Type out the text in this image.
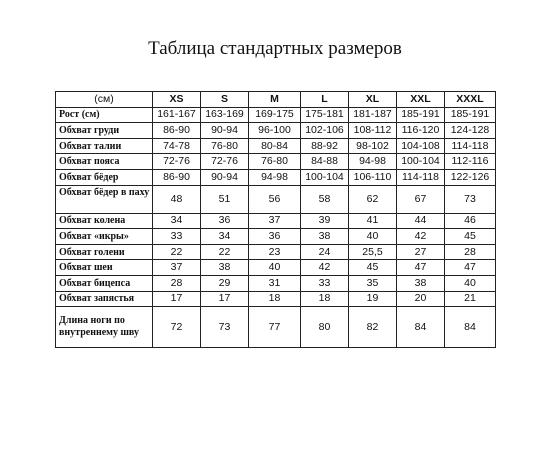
Таблица стандартных размеров
(см)	XS	S	M	L	XL	XXL	XXXL
Рост (см)	161-167	163-169	169-175	175-181	181-187	185-191	185-191
Обхват груди	86-90	90-94	96-100	102-106	108-112	116-120	124-128
Обхват талии	74-78	76-80	80-84	88-92	98-102	104-108	114-118
Обхват пояса	72-76	72-76	76-80	84-88	94-98	100-104	112-116
Обхват бёдер	86-90	90-94	94-98	100-104	106-110	114-118	122-126
Обхват бёдер в паху	48	51	56	58	62	67	73
Обхват колена	34	36	37	39	41	44	46
Обхват «икры»	33	34	36	38	40	42	45
Обхват голени	22	22	23	24	25,5	27	28
Обхват шеи	37	38	40	42	45	47	47
Обхват бицепса	28	29	31	33	35	38	40
Обхват запястья	17	17	18	18	19	20	21
Длина ноги по внутреннему шву	72	73	77	80	82	84	84
